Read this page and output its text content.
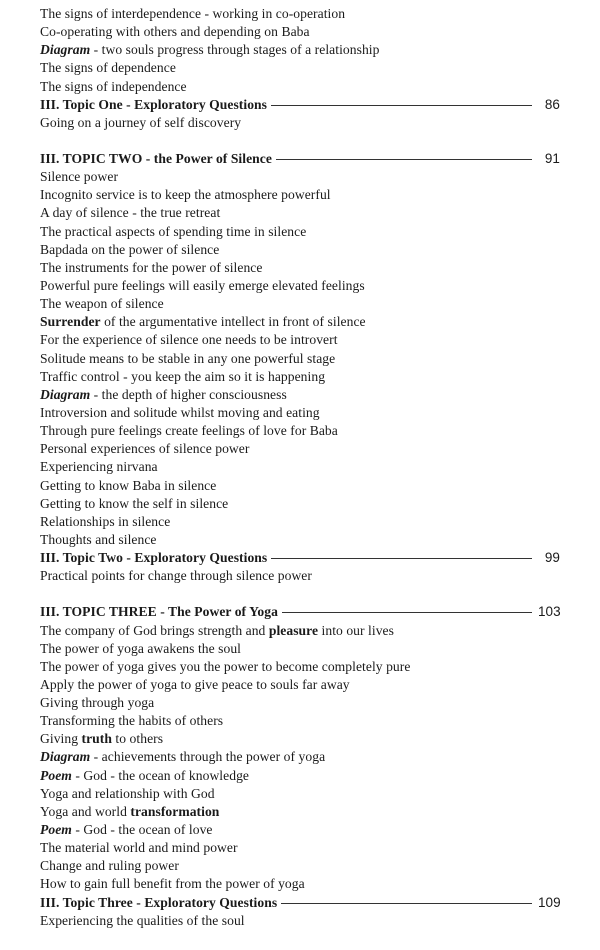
The signs of interdependence - working in co-operation
Co-operating with others and depending on Baba
Diagram - two souls progress through stages of a relationship
The signs of dependence
The signs of independence
III. Topic One - Exploratory Questions	86
Going on a journey of self discovery
III. TOPIC TWO - the Power of Silence	91
Silence power
Incognito service is to keep the atmosphere powerful
A day of silence - the true retreat
The practical aspects of spending time in silence
Bapdada on the power of silence
The instruments for the power of silence
Powerful pure feelings will easily emerge elevated feelings
The weapon of silence
Surrender of the argumentative intellect in front of silence
For the experience of silence one needs to be introvert
Solitude means to be stable in any one powerful stage
Traffic control - you keep the aim so it is happening
Diagram - the depth of higher consciousness
Introversion and solitude whilst moving and eating
Through pure feelings create feelings of love for Baba
Personal experiences of silence power
Experiencing nirvana
Getting to know Baba in silence
Getting to know the self in silence
Relationships in silence
Thoughts and silence
III. Topic Two - Exploratory Questions	99
Practical points for change through silence power
III. TOPIC THREE - The Power of Yoga	103
The company of God brings strength and pleasure into our lives
The power of yoga awakens the soul
The power of yoga gives you the power to become completely pure
Apply the power of yoga to give peace to souls far away
Giving through yoga
Transforming the habits of others
Giving truth to others
Diagram - achievements through the power of yoga
Poem - God - the ocean of knowledge
Yoga and relationship with God
Yoga and world transformation
Poem - God - the ocean of love
The material world and mind power
Change and ruling power
How to gain full benefit from the power of yoga
III. Topic Three - Exploratory Questions	109
Experiencing the qualities of the soul
